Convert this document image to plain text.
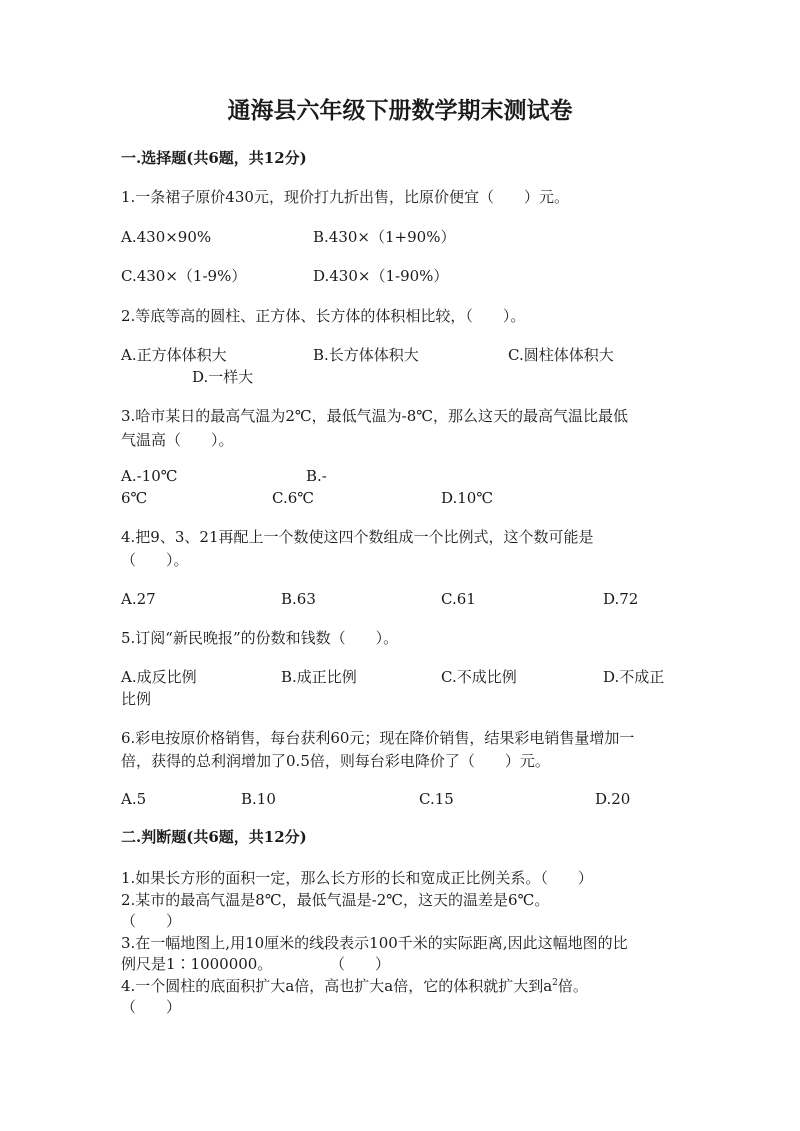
通海县六年级下册数学期末测试卷
一.选择题(共6题，共12分)
1.一条裙子原价430元，现价打九折出售，比原价便宜（　　）元。
A.430×90%	B.430×（1+90%）
C.430×（1-9%）	D.430×（1-90%）
2.等底等高的圆柱、正方体、长方体的体积相比较，（　　）。
A.正方体体积大	B.长方体体积大	C.圆柱体体积大
D.一样大
3.哈市某日的最高气温为2℃，最低气温为-8℃，那么这天的最高气温比最低
气温高（　　）。
A.-10℃	B.-
6℃	C.6℃	D.10℃
4.把9、3、21再配上一个数使这四个数组成一个比例式，这个数可能是
（　　）。
A.27	B.63	C.61	D.72
5.订阅“新民晚报”的份数和钱数（　　）。
A.成反比例	B.成正比例	C.不成比例	D.不成正
比例
6.彩电按原价格销售，每台获利60元；现在降价销售，结果彩电销售量增加一
倍，获得的总利润增加了0.5倍，则每台彩电降价了（　　）元。
A.5	B.10	C.15	D.20
二.判断题(共6题，共12分)
1.如果长方形的面积一定，那么长方形的长和宽成正比例关系。（　　）
2.某市的最高气温是8℃，最低气温是-2℃，这天的温差是6℃。
（　　）
3.在一幅地图上,用10厘米的线段表示100千米的实际距离,因此这幅地图的比
例尺是1∶1000000。	（　　）
4.一个圆柱的底面积扩大a倍，高也扩大a倍，它的体积就扩大到$a^2$倍。
（　　）
